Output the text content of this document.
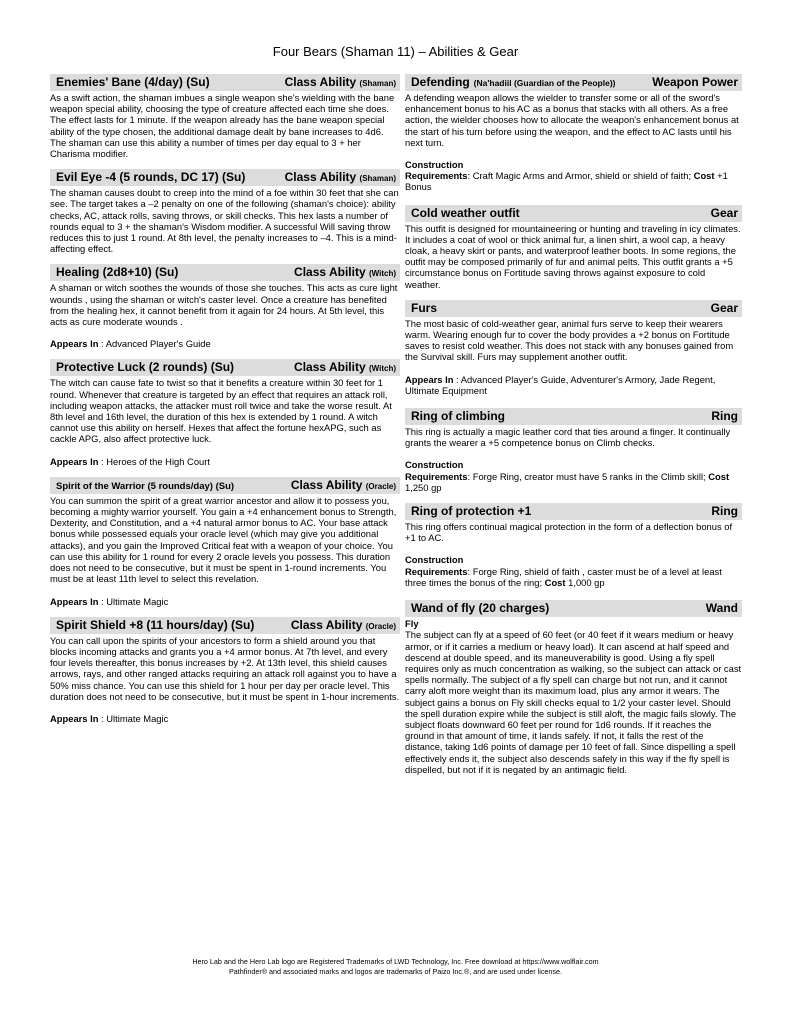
Four Bears (Shaman 11) – Abilities & Gear
Enemies' Bane (4/day) (Su)	Class Ability (Shaman)

As a swift action, the shaman imbues a single weapon she's wielding with the bane weapon special ability, choosing the type of creature affected each time she does. The effect lasts for 1 minute. If the weapon already has the bane weapon special ability of the type chosen, the additional damage dealt by bane increases to 4d6. The shaman can use this ability a number of times per day equal to 3 + her Charisma modifier.

Evil Eye -4 (5 rounds, DC 17) (Su)	Class Ability (Shaman)

The shaman causes doubt to creep into the mind of a foe within 30 feet that she can see. The target takes a –2 penalty on one of the following (shaman's choice): ability checks, AC, attack rolls, saving throws, or skill checks. This hex lasts a number of rounds equal to 3 + the shaman's Wisdom modifier. A successful Will saving throw reduces this to just 1 round. At 8th level, the penalty increases to –4. This is a mind-affecting effect.

Healing (2d8+10) (Su)	Class Ability (Witch)

A shaman or witch soothes the wounds of those she touches. This acts as cure light wounds , using the shaman or witch's caster level. Once a creature has benefited from the healing hex, it cannot benefit from it again for 24 hours. At 5th level, this acts as cure moderate wounds .

Appears In : Advanced Player's Guide

Protective Luck (2 rounds) (Su)	Class Ability (Witch)

The witch can cause fate to twist so that it benefits a creature within 30 feet for 1 round. Whenever that creature is targeted by an effect that requires an attack roll, including weapon attacks, the attacker must roll twice and take the worse result. At 8th level and 16th level, the duration of this hex is extended by 1 round. A witch cannot use this ability on herself. Hexes that affect the fortune hexAPG, such as cackle APG, also affect protective luck.

Appears In : Heroes of the High Court

Spirit of the Warrior (5 rounds/day) (Su)	Class Ability (Oracle)

You can summon the spirit of a great warrior ancestor and allow it to possess you, becoming a mighty warrior yourself. You gain a +4 enhancement bonus to Strength, Dexterity, and Constitution, and a +4 natural armor bonus to AC. Your base attack bonus while possessed equals your oracle level (which may give you additional attacks), and you gain the Improved Critical feat with a weapon of your choice. You can use this ability for 1 round for every 2 oracle levels you possess. This duration does not need to be consecutive, but it must be spent in 1-round increments. You must be at least 11th level to select this revelation.

Appears In : Ultimate Magic

Spirit Shield +8 (11 hours/day) (Su)	Class Ability (Oracle)

You can call upon the spirits of your ancestors to form a shield around you that blocks incoming attacks and grants you a +4 armor bonus. At 7th level, and every four levels thereafter, this bonus increases by +2. At 13th level, this shield causes arrows, rays, and other ranged attacks requiring an attack roll against you to have a 50% miss chance. You can use this shield for 1 hour per day per oracle level. This duration does not need to be consecutive, but it must be spent in 1-hour increments.

Appears In : Ultimate Magic

Defending (Na'hadiil (Guardian of the People))	Weapon Power

A defending weapon allows the wielder to transfer some or all of the sword's enhancement bonus to his AC as a bonus that stacks with all others. As a free action, the wielder chooses how to allocate the weapon's enhancement bonus at the start of his turn before using the weapon, and the effect to AC lasts until his next turn.

Construction

Requirements: Craft Magic Arms and Armor, shield or shield of faith; Cost +1 Bonus

Cold weather outfit	Gear

This outfit is designed for mountaineering or hunting and traveling in icy climates. It includes a coat of wool or thick animal fur, a linen shirt, a wool cap, a heavy cloak, a heavy skirt or pants, and waterproof leather boots. In some regions, the outfit may be composed primarily of fur and animal pelts. This outfit grants a +5 circumstance bonus on Fortitude saving throws against exposure to cold weather.

Furs	Gear

The most basic of cold-weather gear, animal furs serve to keep their wearers warm. Wearing enough fur to cover the body provides a +2 bonus on Fortitude saves to resist cold weather. This does not stack with any bonuses gained from the Survival skill. Furs may supplement another outfit.

Appears In : Advanced Player's Guide, Adventurer's Armory, Jade Regent, Ultimate Equipment

Ring of climbing	Ring

This ring is actually a magic leather cord that ties around a finger. It continually grants the wearer a +5 competence bonus on Climb checks.

Construction

Requirements: Forge Ring, creator must have 5 ranks in the Climb skill; Cost 1,250 gp

Ring of protection +1	Ring

This ring offers continual magical protection in the form of a deflection bonus of +1 to AC.

Construction

Requirements: Forge Ring, shield of faith , caster must be of a level at least three times the bonus of the ring; Cost 1,000 gp

Wand of fly (20 charges)	Wand

Fly

The subject can fly at a speed of 60 feet (or 40 feet if it wears medium or heavy armor, or if it carries a medium or heavy load). It can ascend at half speed and descend at double speed, and its maneuverability is good. Using a fly spell requires only as much concentration as walking, so the subject can attack or cast spells normally. The subject of a fly spell can charge but not run, and it cannot carry aloft more weight than its maximum load, plus any armor it wears. The subject gains a bonus on Fly skill checks equal to 1/2 your caster level. Should the spell duration expire while the subject is still aloft, the magic fails slowly. The subject floats downward 60 feet per round for 1d6 rounds. If it reaches the ground in that amount of time, it lands safely. If not, it falls the rest of the distance, taking 1d6 points of damage per 10 feet of fall. Since dispelling a spell effectively ends it, the subject also descends safely in this way if the fly spell is dispelled, but not if it is negated by an antimagic field.

Hero Lab and the Hero Lab logo are Registered Trademarks of LWD Technology, Inc. Free download at https://www.wolflair.com
Pathfinder® and associated marks and logos are trademarks of Paizo Inc.®, and are used under license.
